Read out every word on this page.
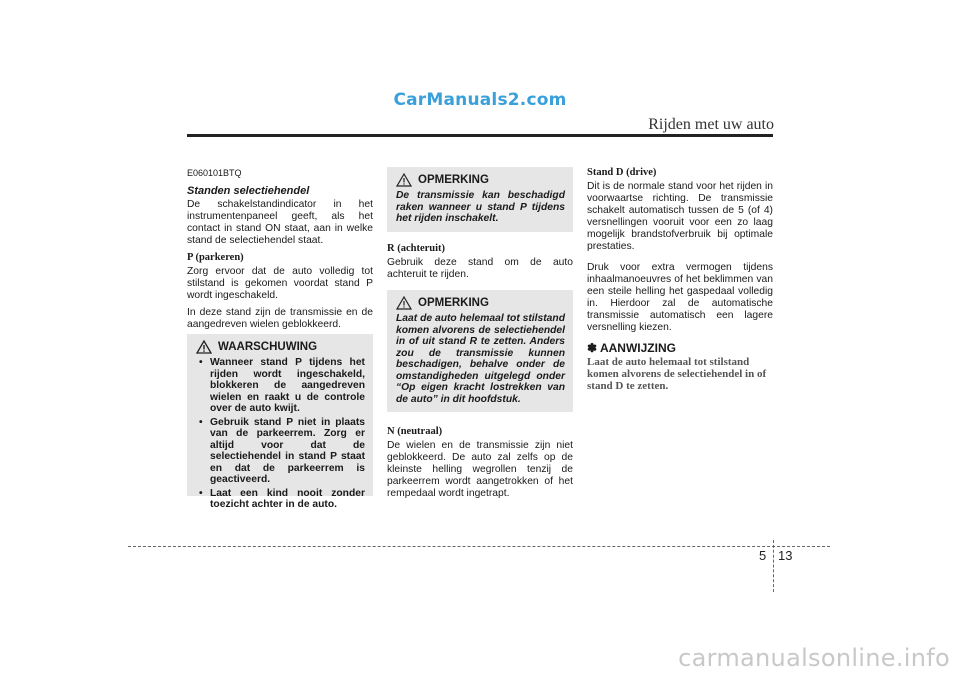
CarManuals2.com
Rijden met uw auto
E060101BTQ
Standen selectiehendel

De schakelstandindicator in het instrumentenpaneel geeft, als het contact in stand ON staat, aan in welke stand de selectiehendel staat.

P (parkeren)

Zorg ervoor dat de auto volledig tot stilstand is gekomen voordat stand P wordt ingeschakeld.

In deze stand zijn de transmissie en de aangedreven wielen geblokkeerd.

WAARSCHUWING
• Wanneer stand P tijdens het rijden wordt ingeschakeld, blokkeren de aangedreven wielen en raakt u de controle over de auto kwijt.
• Gebruik stand P niet in plaats van de parkeerrem. Zorg er altijd voor dat de selectiehendel in stand P staat en dat de parkeerrem is geactiveerd.
• Laat een kind nooit zonder toezicht achter in de auto.
OPMERKING
De transmissie kan beschadigd raken wanneer u stand P tijdens het rijden inschakelt.
R (achteruit)

Gebruik deze stand om de auto achteruit te rijden.

OPMERKING
Laat de auto helemaal tot stilstand komen alvorens de selectiehendel in of uit stand R te zetten. Anders zou de transmissie kunnen beschadigen, behalve onder de omstandigheden uitgelegd onder “Op eigen kracht lostrekken van de auto” in dit hoofdstuk.
N (neutraal)

De wielen en de transmissie zijn niet geblokkeerd. De auto zal zelfs op de kleinste helling wegrollen tenzij de parkeerrem wordt aangetrokken of het rempedaal wordt ingetrapt.

Stand D (drive)

Dit is de normale stand voor het rijden in voorwaartse richting. De transmissie schakelt automatisch tussen de 5 (of 4) versnellingen vooruit voor een zo laag mogelijk brandstofverbruik bij optimale prestaties.

Druk voor extra vermogen tijdens inhaalmanoeuvres of het beklimmen van een steile helling het gaspedaal volledig in. Hierdoor zal de automatische transmissie automatisch een lagere versnelling kiezen.

✽ AANWIJZING
Laat de auto helemaal tot stilstand komen alvorens de selectiehendel in of stand D te zetten.
5 13
carmanualsonline.info
